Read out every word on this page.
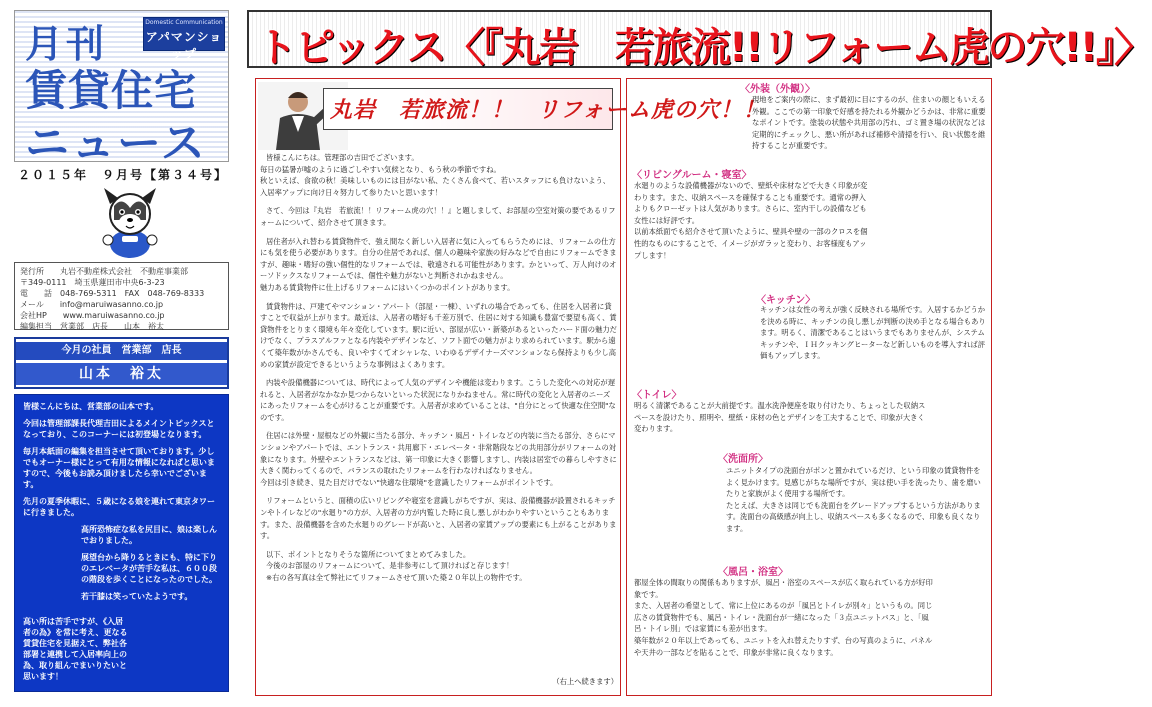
月刊
賃貸住宅
ニュース
Domestic Communication
アパマンショップ
２０１５年　９月号【第３４号】
発行所　　丸岩不動産株式会社　不動産事業部
〒349-0111　埼玉県蓮田市中央6-3-23
電　　話　048-769-5311　FAX　048-769-8333
メール　　info@maruiwasanno.co.jp
会社HP　　www.maruiwasanno.co.jp
編集担当　営業部　店長　　山本　裕太
今月の社員　営業部　店長
山本　裕太

皆様こんにちは、営業部の山本です。

今回は管理部課長代理吉田によるメイントピックスとなっており、このコーナーには初登場となります。

毎月本紙面の編集を担当させて頂いております。少しでもオーナー様にとって有用な情報になればと思いますので、今後もお読み頂けましたら幸いでございます。

先月の夏季休暇に、５歳になる娘を連れて東京タワーに行きました。

高所恐怖症な私を尻目に、娘は楽しんでおりました。

展望台から降りるときにも、特に下りのエレベータが苦手な私は、６００段の階段を歩くことになったのでした。

若干膝は笑っていたようです。

高い所は苦手ですが、《入居者の為》を常に考え、更なる賃貸住宅を見据えて、弊社各部署と連携して入居率向上の為、取り組んでまいりたいと思います！

トピックス〈『丸岩　若旅流!!リフォーム虎の穴!!』〉
丸岩　若旅流！！　リフォーム虎の穴！！

皆様こんにちは。管理部の吉田でございます。
毎日の猛暑が嘘のように過ごしやすい気候となり、もう秋の季節ですね。
秋といえば、食欲の秋！美味しいものには目がない私、たくさん食べて、若いスタッフにも負けないよう、入居率アップに向け日々努力して参りたいと思います！

さて、今回は『丸岩　若旅流！！リフォーム虎の穴！！』と題しまして、お部屋の空室対策の要であるリフォームについて、紹介させて頂きます。

居住者が入れ替わる賃貸物件で、強え間なく新しい入居者に気に入ってもらうためには、リフォームの仕方にも気を使う必要があります。自分の住居であれば、個人の趣味や家族の好みなどで自由にリフォームできますが、趣味・嗜好の強い個性的なリフォームでは、敬遠される可能性があります。かといって、万人向けのオーソドックスなリフォームでは、個性や魅力がないと判断されかねません。
魅力ある賃貸物件に仕上げるリフォームにはいくつかのポイントがあります。

賃貸物件は、戸建てやマンション・アパート（部屋・一棟）、いずれの場合であっても、住居を入居者に貸すことで収益が上がります。最近は、入居者の嗜好も千差万別で、住居に対する知識も豊富で要望も高く、賃貸物件をとりまく環境も年々変化しています。駅に近い、部屋が広い・新築があるといったハード面の魅力だけでなく、プラスアルファとなる内装やデザインなど、ソフト面での魅力がより求められています。駅から遠くて築年数がかさんでも、良いやすくてオシャレな、いわゆるデザイナーズマンションなら保持よりも少し高めの家賃が設定できるというような事例はよくあります。

内装や設備機器については、時代によって人気のデザインや機能は変わります。こうした変化への対応が遅れると、入居者がなかなか見つからないといった状況になりかねません。常に時代の変化と入居者のニーズにあったリフォームを心がけることが重要です。入居者が求めていることは、"自分にとって快適な住空間"なのです。

住居には外壁・屋根などの外観に当たる部分、キッチン・風呂・トイレなどの内装に当たる部分、さらにマンションやアパートでは、エントランス・共用廊下・エレベータ・非常階段などの共用部分がリフォームの対象になります。外壁やエントランスなどは、第一印象に大きく影響しますし、内装は居室での暮らしやすさに大きく関わってくるので、バランスの取れたリフォームを行わなければなりません。
今回は引き続き、見た目だけでない"快適な住環境"を意識したリフォームがポイントです。

リフォームというと、面積の広いリビングや寝室を意識しがちですが、実は、設備機器が設置されるキッチンやトイレなどの"水廻り"の方が、入居者の方が内覧した時に良し悪しがわかりやすいということもあります。また、設備機器を含めた水廻りのグレードが高いと、入居者の家賃アップの要素にも上がることがあります。

以下、ポイントとなりそうな箇所についてまとめてみました。

今後のお部屋のリフォームについて、是非参考にして頂ければと存じます！

※右の各写真は全て弊社にてリフォームさせて頂いた築２０年以上の物件です。

（右上へ続きます）
〈外装（外観）〉

現地をご案内の際に、まず最初に目にするのが、住まいの顔ともいえる外観。ここでの第一印象で好感を持たれる外観かどうかは、非常に重要なポイントです。塗装の状態や共用部の汚れ、ゴミ置き場の状況などは定期的にチェックし、悪い所があれば補修や清掃を行い、良い状態を維持することが重要です。

〈リビングルーム・寝室〉

水廻りのような設備機器がないので、壁紙や床材などで大きく印象が変わります。また、収納スペースを確保することも重要です。通常の押入よりもクローゼットは人気があります。さらに、室内干しの設備なども女性には好評です。
以前本紙面でも紹介させて頂いたように、壁具や壁の一部のクロスを個性的なものにすることで、イメージがガラッと変わり、お客様度もアップします！

〈キッチン〉

キッチンは女性の考えが強く反映される場所です。入居するかどうかを決める時に、キッチンの良し悪しが判断の決め手となる場合もあります。明るく、清潔であることはいうまでもありませんが、システムキッチンや、ＩＨクッキングヒーターなど新しいものを導入すれば評価もアップします。

〈トイレ〉

明るく清潔であることが大前提です。温水洗浄便座を取り付けたり、ちょっとした収納スペースを設けたり、照明や、壁紙・床材の色とデザインを工夫することで、印象が大きく変わります。

〈洗面所〉

ユニットタイプの洗面台がポンと置かれているだけ、という印象の賃貸物件をよく見かけます。見感じがちな場所ですが、実は使い手を洗ったり、歯を磨いたりと家族がよく使用する場所です。
たとえば、大きさは同じでも洗面台をグレードアップするという方法があります。洗面台の高級感が向上し、収納スペースも多くなるので、印象も良くなります。

〈風呂・浴室〉

都屋全体の間取りの関係もありますが、風呂・浴室のスペースが広く取られている方が好印象です。
また、入居者の希望として、常に上位にあるのが「風呂とトイレが別々」というもの。同じ広さの賃貸物件でも、風呂・トイレ・洗面台が一緒になった「３点ユニットバス」と、「風呂・トイレ別」では家賃にも差が出ます。
築年数が２０年以上であっても、ユニットを入れ替えたりすず、台の写真のように、パネルや天井の一部などを貼ることで、印象が非常に良くなります。
